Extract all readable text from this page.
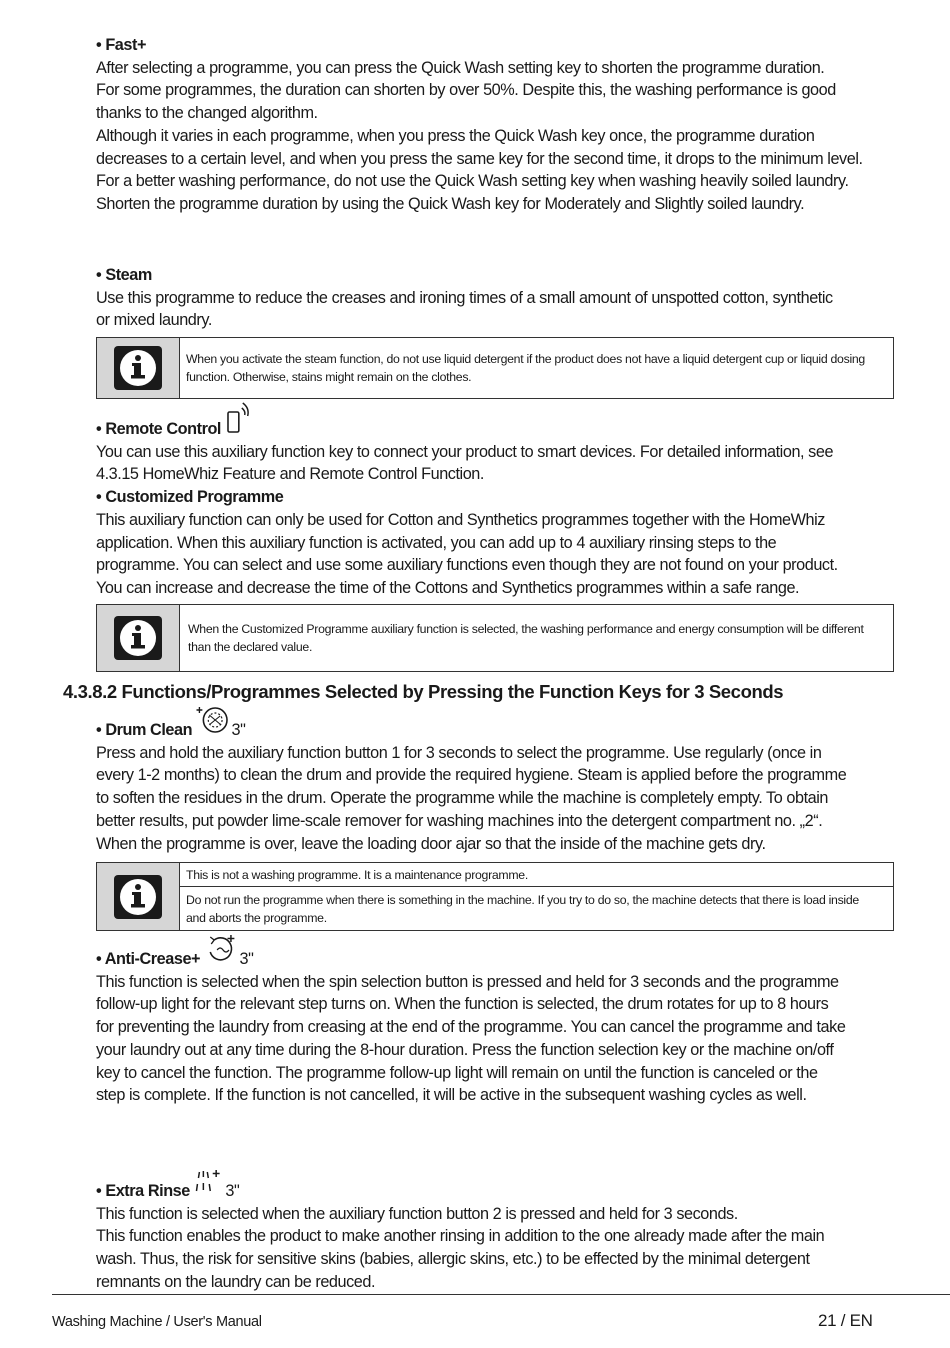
• Fast+

After selecting a programme, you can press the Quick Wash setting key to shorten the programme duration.

For some programmes, the duration can shorten by over 50%. Despite this, the washing performance is good

thanks to the changed algorithm.

Although it varies in each programme, when you press the Quick Wash key once, the programme duration

decreases to a certain level, and when you press the same key for the second time, it drops to the minimum level.

For a better washing performance, do not use the Quick Wash setting key when washing heavily soiled laundry.

Shorten the programme duration by using the Quick Wash key for Moderately and Slightly soiled laundry.

• Steam

Use this programme to reduce the creases and ironing times of a small amount of unspotted cotton, synthetic

or mixed laundry.

When you activate the steam function, do not use liquid detergent if the product does not have a liquid detergent cup or liquid dosing function. Otherwise, stains might remain on the clothes.

• Remote Control

You can use this auxiliary function key to connect your product to smart devices. For detailed information, see

4.3.15 HomeWhiz Feature and Remote Control Function.

• Customized Programme

This auxiliary function can only be used for Cotton and Synthetics programmes together with the HomeWhiz

application. When this auxiliary function is activated, you can add up to 4 auxiliary rinsing steps to the

programme. You can select and use some auxiliary functions even though they are not found on your product.

You can increase and decrease the time of the Cottons and Synthetics programmes within a safe range.

When the Customized Programme auxiliary function is selected, the washing performance and energy consumption will be different than the declared value.
4.3.8.2 Functions/Programmes Selected by Pressing the Function Keys for 3 Seconds

• Drum Clean 3"

Press and hold the auxiliary function button 1 for 3 seconds to select the programme. Use regularly (once in

every 1-2 months) to clean the drum and provide the required hygiene. Steam is applied before the programme

to soften the residues in the drum. Operate the programme while the machine is completely empty. To obtain

better results, put powder lime-scale remover for washing machines into the detergent compartment no. „2“.

When the programme is over, leave the loading door ajar so that the inside of the machine gets dry.

This is not a washing programme. It is a maintenance programme.
Do not run the programme when there is something in the machine. If you try to do so, the machine detects that there is load inside and aborts the programme.

• Anti-Crease+ 3"

This function is selected when the spin selection button is pressed and held for 3 seconds and the programme

follow-up light for the relevant step turns on. When the function is selected, the drum rotates for up to 8 hours

for preventing the laundry from creasing at the end of the programme. You can cancel the programme and take

your laundry out at any time during the 8-hour duration. Press the function selection key or the machine on/off

key to cancel the function. The programme follow-up light will remain on until the function is canceled or the

step is complete. If the function is not cancelled, it will be active in the subsequent washing cycles as well.

• Extra Rinse 3"

This function is selected when the auxiliary function button 2 is pressed and held for 3 seconds.

This function enables the product to make another rinsing in addition to the one already made after the main

wash. Thus, the risk for sensitive skins (babies, allergic skins, etc.) to be effected by the minimal detergent

remnants on the laundry can be reduced.

Washing Machine / User's Manual	21 / EN
